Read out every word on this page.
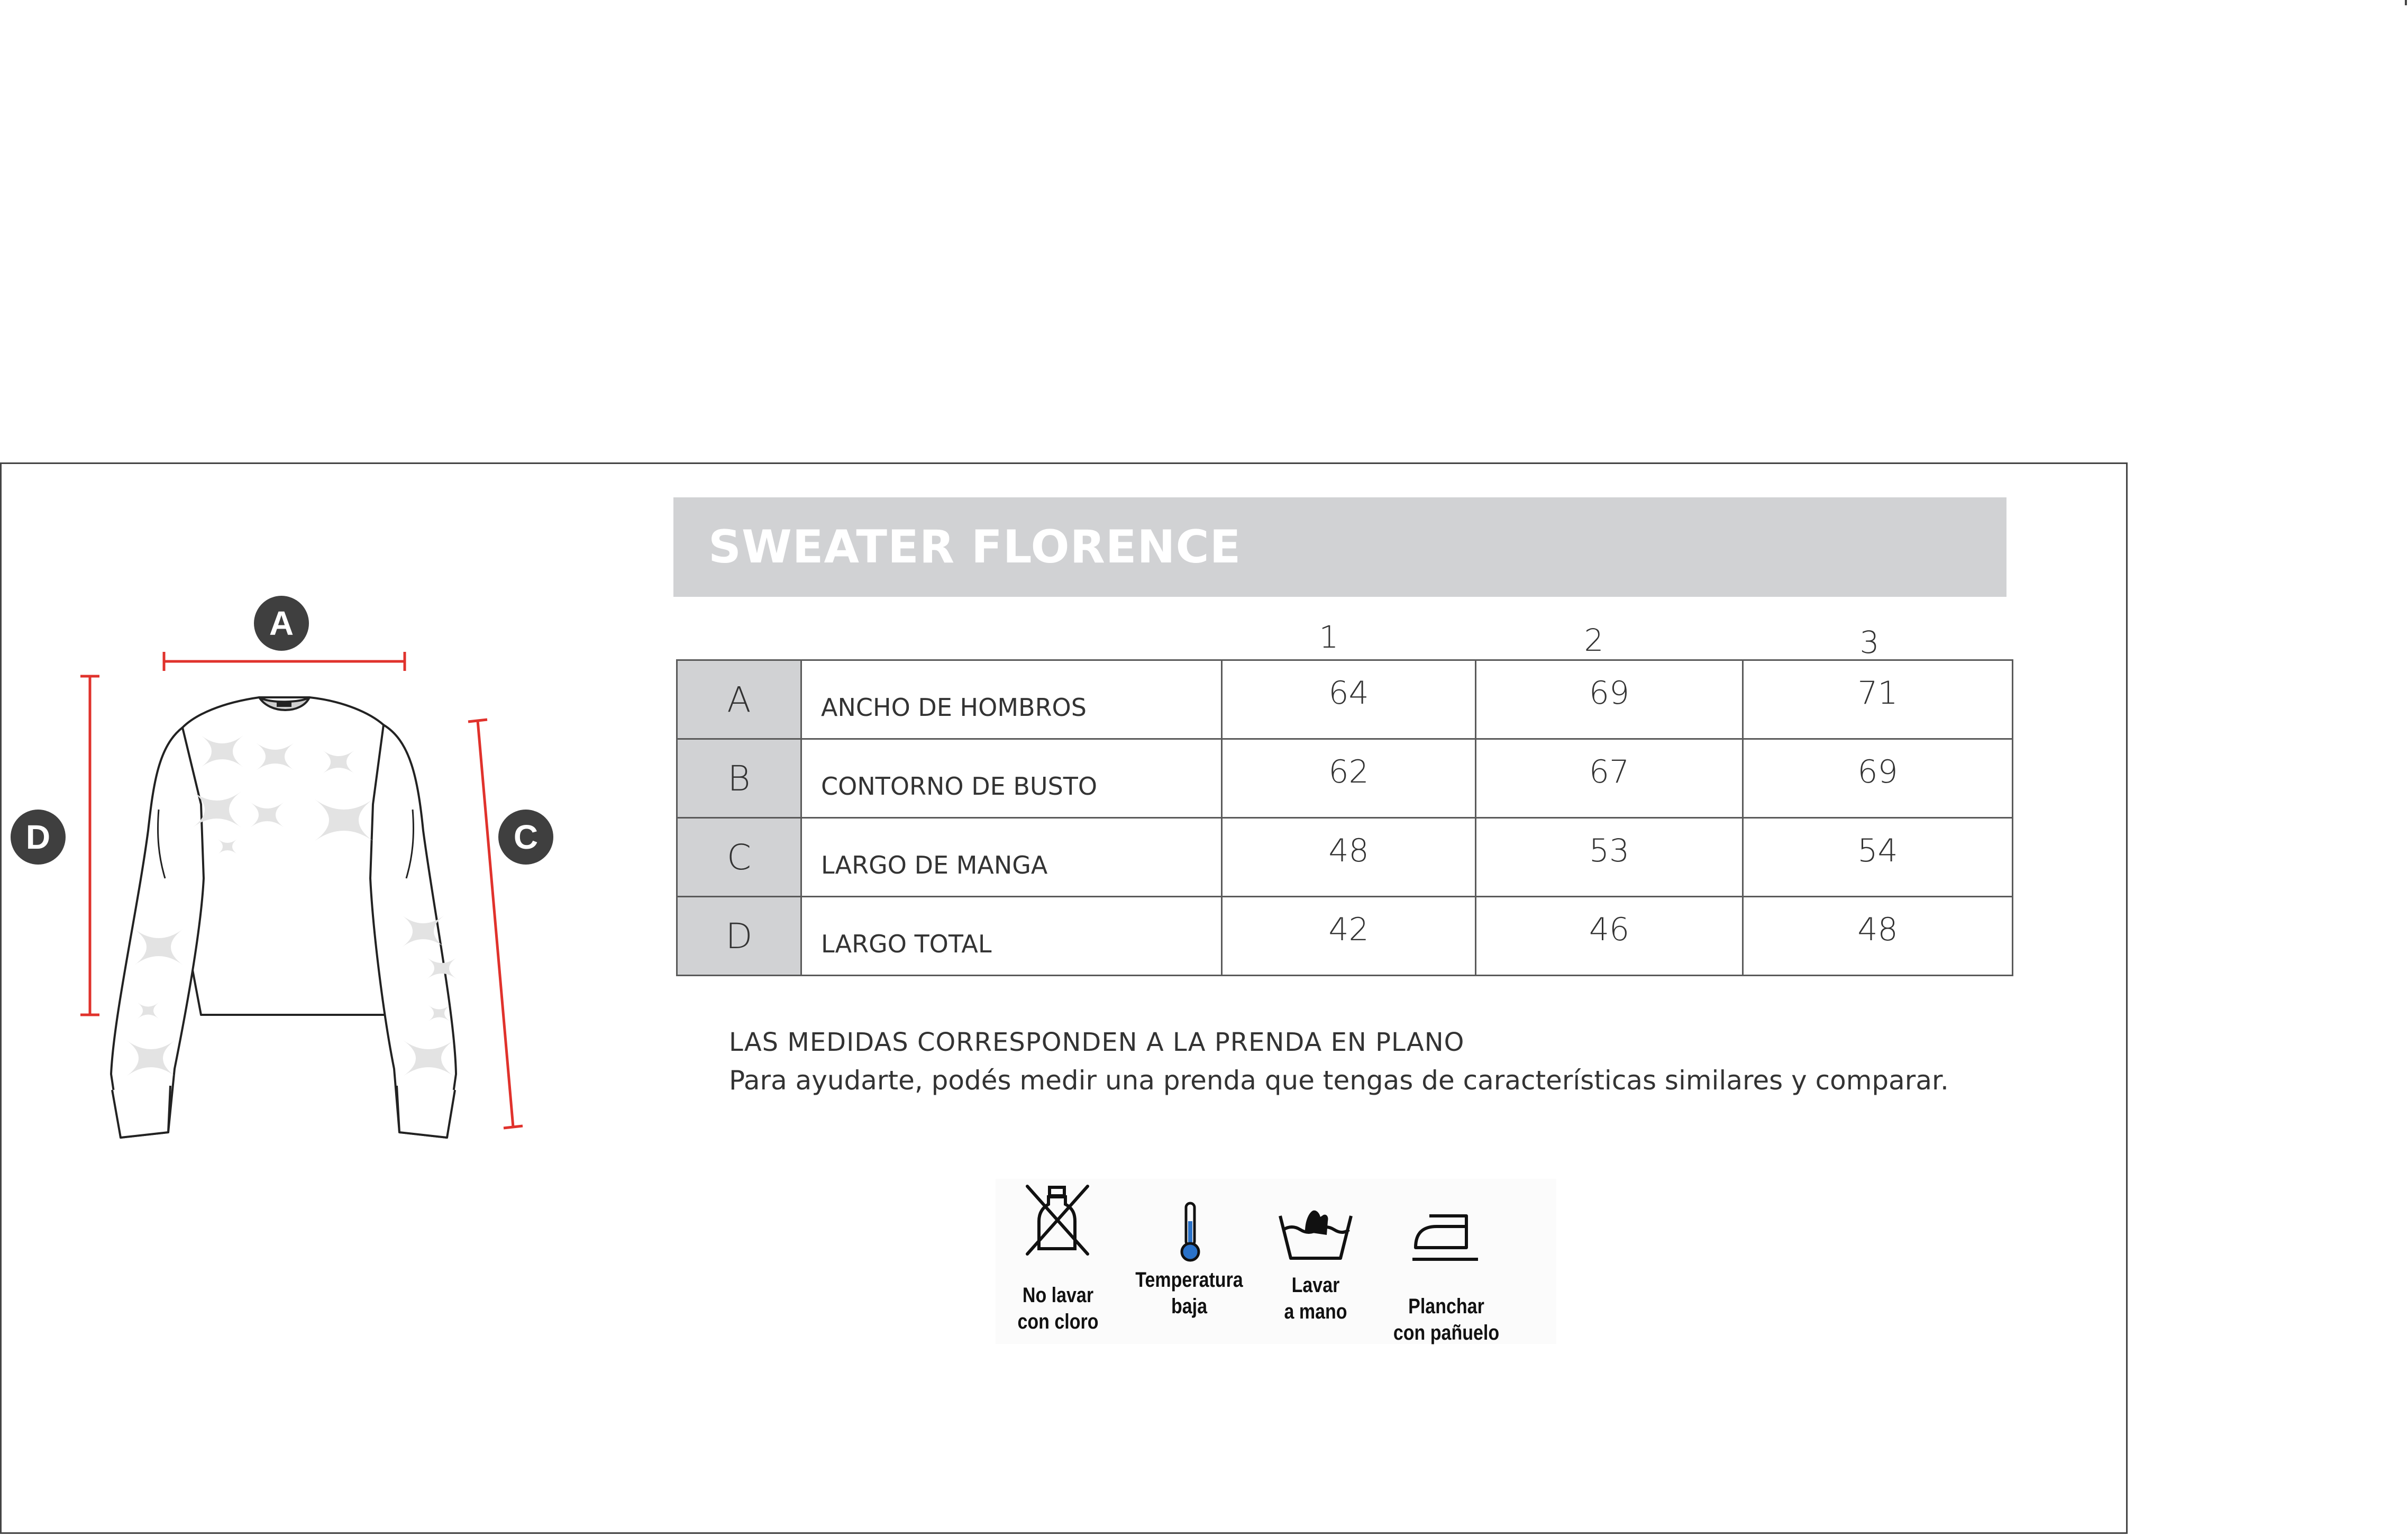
A
C
D
SWEATER FLORENCE
1	2	3
A	ANCHO DE HOMBROS	64	69	71
B	CONTORNO DE BUSTO	62	67	69
C	LARGO DE MANGA	48	53	54
D	LARGO TOTAL	42	46	48
LAS MEDIDAS CORRESPONDEN A LA PRENDA EN PLANO
Para ayudarte, podés medir una prenda que tengas de características similares y comparar.
No lavar
con cloro
Temperatura
baja
Lavar
a mano	Planchar
con pañuelo
